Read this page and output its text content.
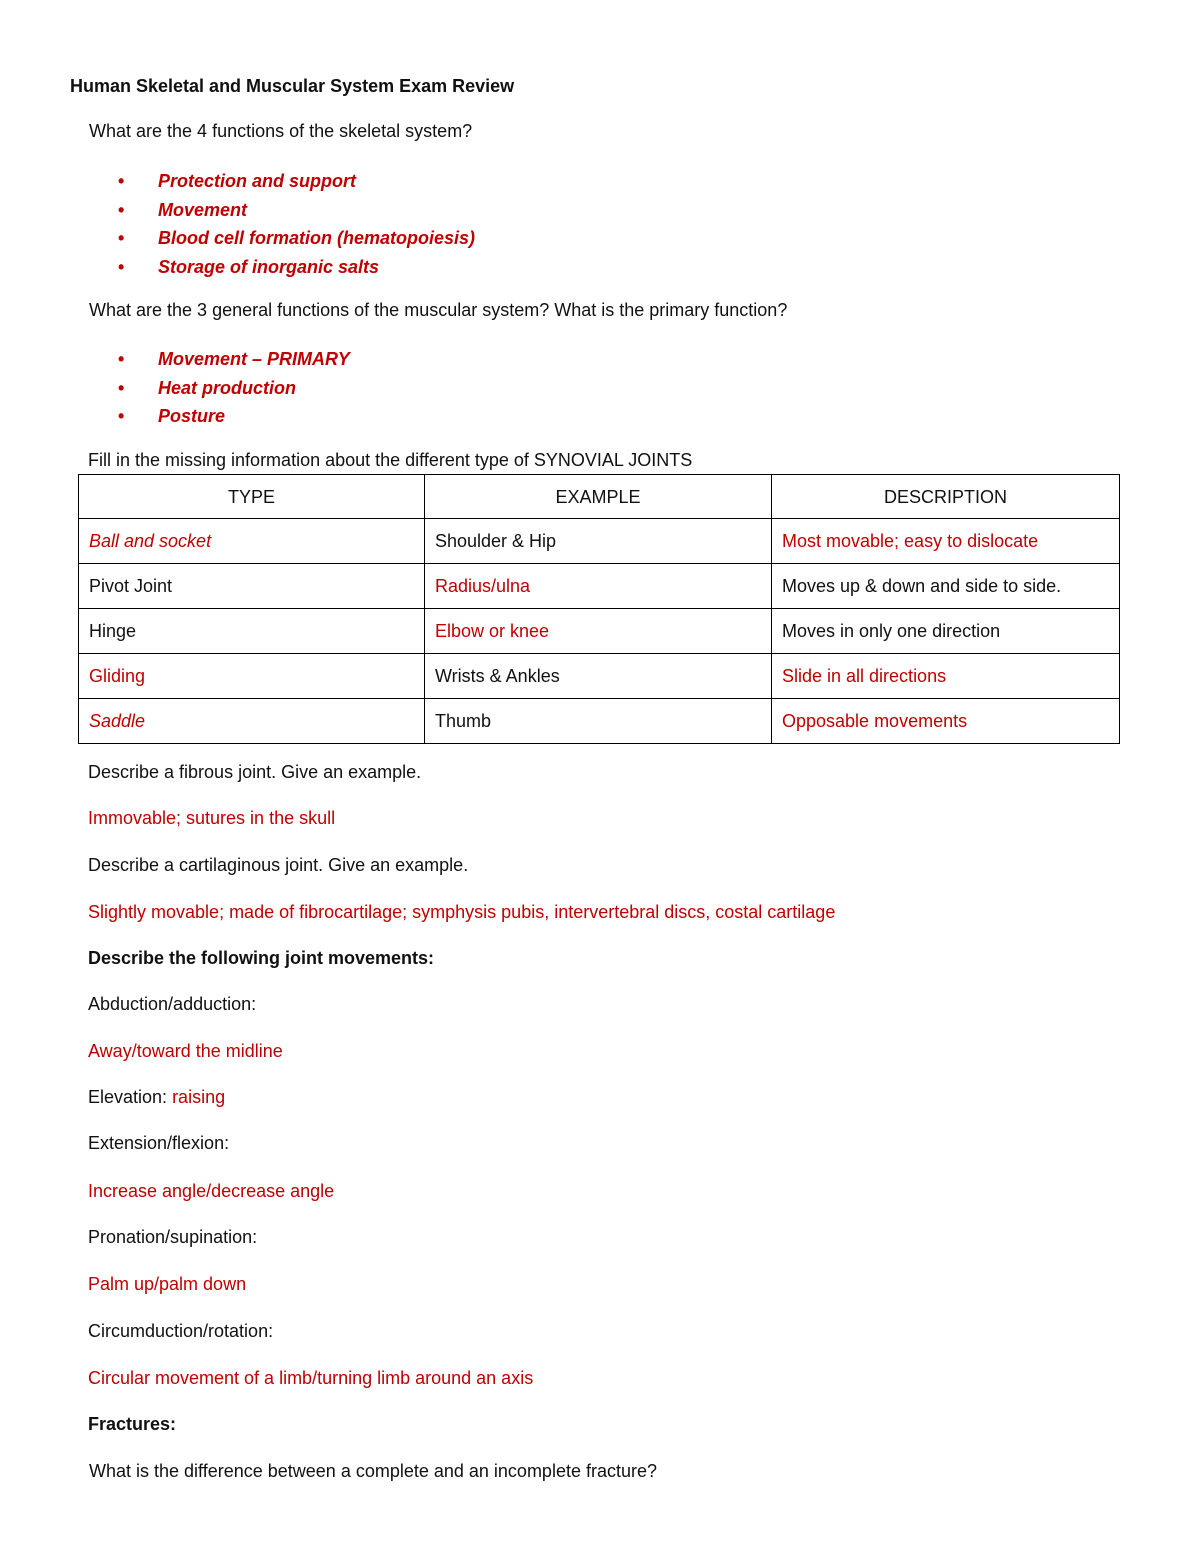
Human Skeletal and Muscular System Exam Review
What are the 4 functions of the skeletal system?
• Protection and support
• Movement
• Blood cell formation (hematopoiesis)
• Storage of inorganic salts
What are the 3 general functions of the muscular system? What is the primary function?
• Movement – PRIMARY
• Heat production
• Posture
Fill in the missing information about the different type of SYNOVIAL JOINTS
TYPE	EXAMPLE	DESCRIPTION
Ball and socket	Shoulder & Hip	Most movable; easy to dislocate
Pivot Joint	Radius/ulna	Moves up & down and side to side.
Hinge	Elbow or knee	Moves in only one direction
Gliding	Wrists & Ankles	Slide in all directions
Saddle	Thumb	Opposable movements
Describe a fibrous joint. Give an example.
Immovable; sutures in the skull
Describe a cartilaginous joint. Give an example.
Slightly movable; made of fibrocartilage; symphysis pubis, intervertebral discs, costal cartilage
Describe the following joint movements:
Abduction/adduction:
Away/toward the midline
Elevation: raising
Extension/flexion:
Increase angle/decrease angle
Pronation/supination:
Palm up/palm down
Circumduction/rotation:
Circular movement of a limb/turning limb around an axis
Fractures:
What is the difference between a complete and an incomplete fracture?
